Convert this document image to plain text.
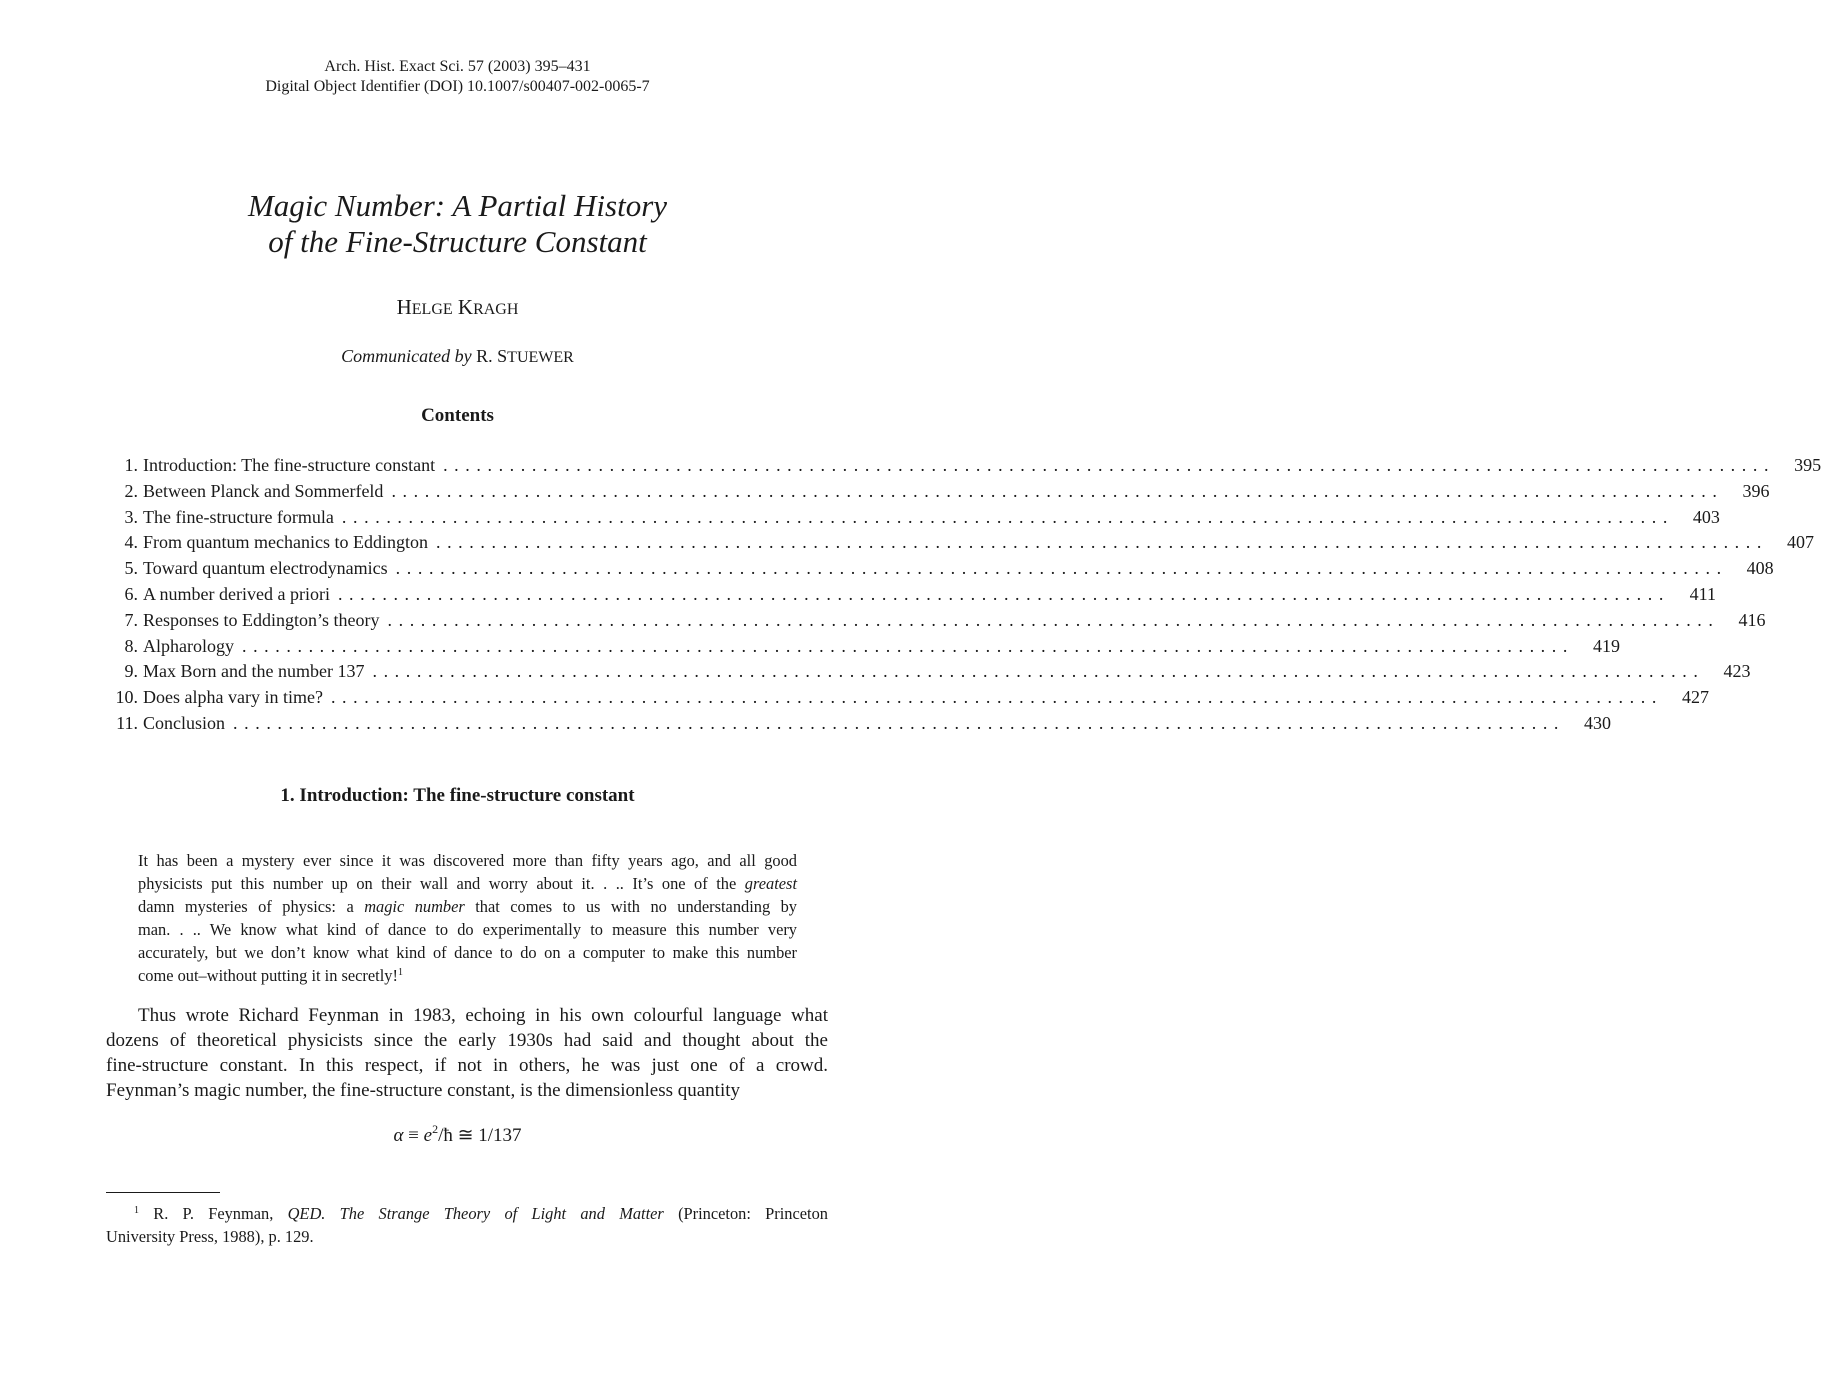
Arch. Hist. Exact Sci. 57 (2003) 395–431
Digital Object Identifier (DOI) 10.1007/s00407-002-0065-7
Magic Number: A Partial History
of the Fine-Structure Constant
HELGE KRAGH
Communicated by R. STUEWER
Contents
1. Introduction: The fine-structure constant ........................................................................................................................	395
2. Between Planck and Sommerfeld ........................................................................................................................	396
3. The fine-structure formula ........................................................................................................................	403
4. From quantum mechanics to Eddington ........................................................................................................................	407
5. Toward quantum electrodynamics ........................................................................................................................	408
6. A number derived a priori ........................................................................................................................	411
7. Responses to Eddington’s theory ........................................................................................................................	416
8. Alpharology ........................................................................................................................	419
9. Max Born and the number 137 ........................................................................................................................	423
10. Does alpha vary in time? ........................................................................................................................	427
11. Conclusion ........................................................................................................................	430
1. Introduction: The fine-structure constant
It has been a mystery ever since it was discovered more than fifty years ago, and all good
physicists put this number up on their wall and worry about it. . .. It’s one of the greatest
damn mysteries of physics: a magic number that comes to us with no understanding by
man. . .. We know what kind of dance to do experimentally to measure this number very
accurately, but we don’t know what kind of dance to do on a computer to make this number
come out–without putting it in secretly!$^1$
Thus wrote Richard Feynman in 1983, echoing in his own colourful language what
dozens of theoretical physicists since the early 1930s had said and thought about the
fine-structure constant. In this respect, if not in others, he was just one of a crowd.
Feynman’s magic number, the fine-structure constant, is the dimensionless quantity
$\alpha \equiv e^2/ħ$ ≅ 1/137
$^1$ R. P. Feynman, QED. The Strange Theory of Light and Matter (Princeton: Princeton
University Press, 1988), p. 129.
